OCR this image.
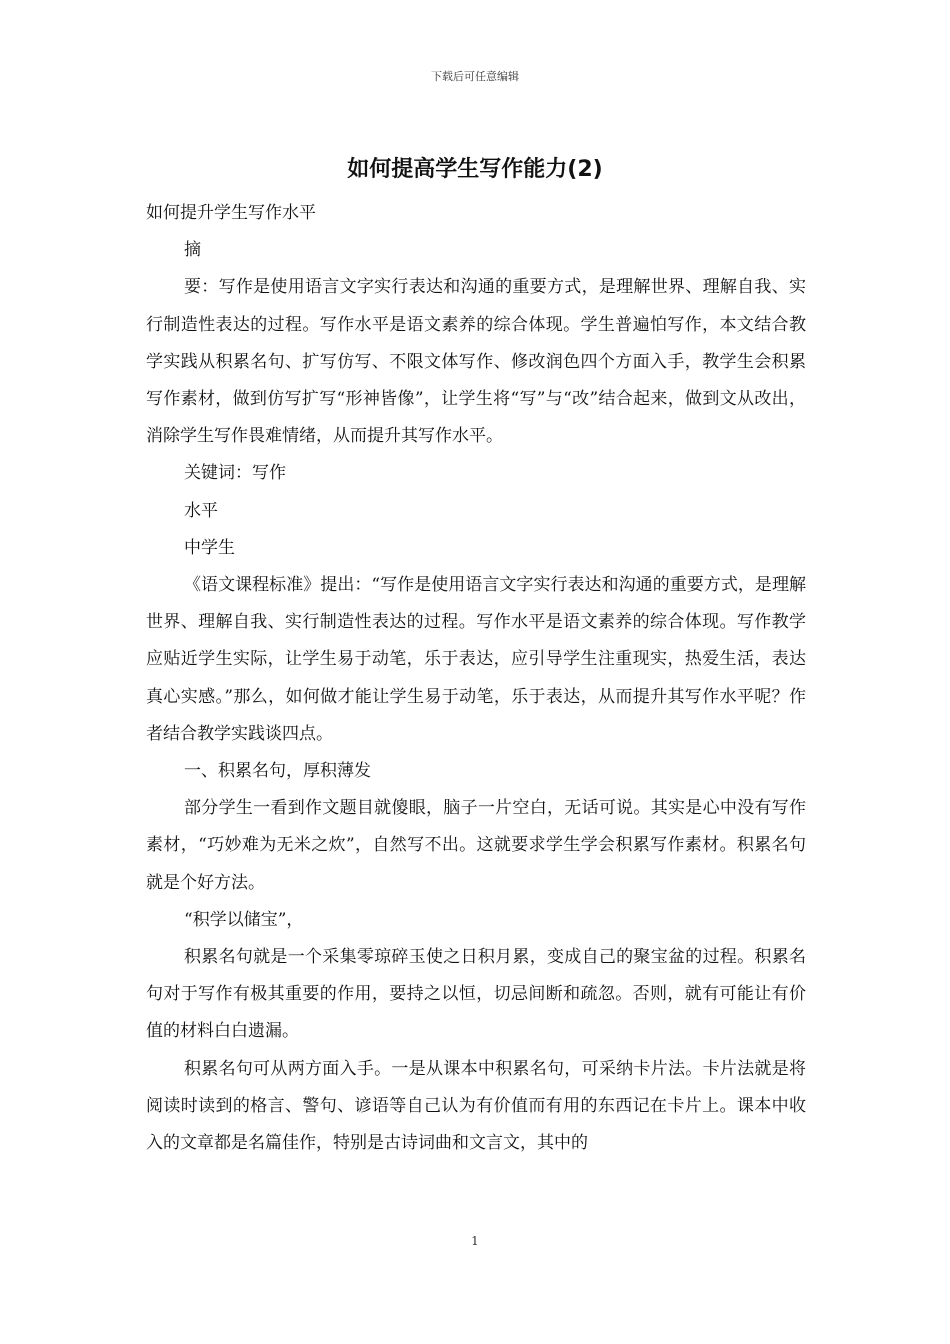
下载后可任意编辑
如何提高学生写作能力(2)

如何提升学生写作水平

摘

要：写作是使用语言文字实行表达和沟通的重要方式，是理解世界、理解自我、实行制造性表达的过程。写作水平是语文素养的综合体现。学生普遍怕写作，本文结合教学实践从积累名句、扩写仿写、不限文体写作、修改润色四个方面入手，教学生会积累写作素材，做到仿写扩写“形神皆像”，让学生将“写”与“改”结合起来，做到文从改出，消除学生写作畏难情绪，从而提升其写作水平。

关键词：写作

水平

中学生

《语文课程标准》提出：“写作是使用语言文字实行表达和沟通的重要方式，是理解世界、理解自我、实行制造性表达的过程。写作水平是语文素养的综合体现。写作教学应贴近学生实际，让学生易于动笔，乐于表达，应引导学生注重现实，热爱生活，表达真心实感。”那么，如何做才能让学生易于动笔，乐于表达，从而提升其写作水平呢？作者结合教学实践谈四点。

一、积累名句，厚积薄发

部分学生一看到作文题目就傻眼，脑子一片空白，无话可说。其实是心中没有写作素材，“巧妙难为无米之炊”，自然写不出。这就要求学生学会积累写作素材。积累名句就是个好方法。

“积学以储宝”，

积累名句就是一个采集零琼碎玉使之日积月累，变成自己的聚宝盆的过程。积累名句对于写作有极其重要的作用，要持之以恒，切忌间断和疏忽。否则，就有可能让有价值的材料白白遗漏。

积累名句可从两方面入手。一是从课本中积累名句，可采纳卡片法。卡片法就是将阅读时读到的格言、警句、谚语等自己认为有价值而有用的东西记在卡片上。课本中收入的文章都是名篇佳作，特别是古诗词曲和文言文，其中的

1
